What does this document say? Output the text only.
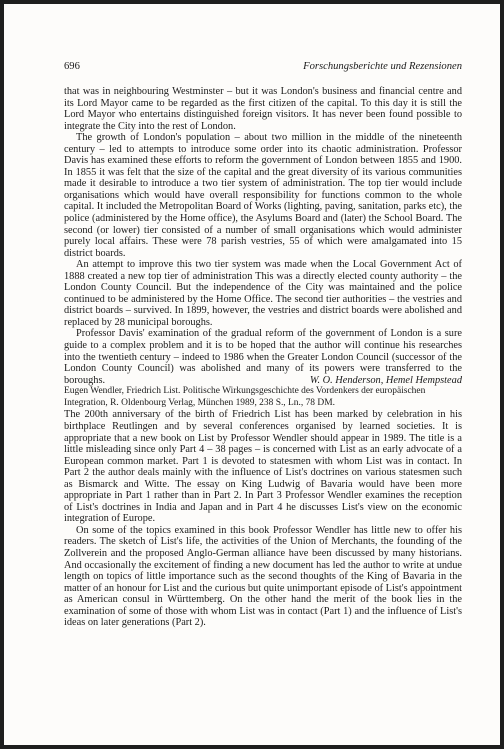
696	Forschungsberichte und Rezensionen

that was in neighbouring Westminster – but it was London's business and financial centre and its Lord Mayor came to be regarded as the first citizen of the capital. To this day it is still the Lord Mayor who entertains distinguished foreign visitors. It has never been found possible to integrate the City into the rest of London.

The growth of London's population – about two million in the middle of the nineteenth century – led to attempts to introduce some order into its chaotic administration. Professor Davis has examined these efforts to reform the government of London between 1855 and 1900. In 1855 it was felt that the size of the capital and the great diversity of its various communities made it desirable to introduce a two tier system of administration. The top tier would include organisations which would have overall responsibility for functions common to the whole capital. It included the Metropolitan Board of Works (lighting, paving, sanitation, parks etc), the police (administered by the Home office), the Asylums Board and (later) the School Board. The second (or lower) tier consisted of a number of small organisations which would administer purely local affairs. These were 78 parish vestries, 55 of which were amalgamated into 15 district boards.

An attempt to improve this two tier system was made when the Local Government Act of 1888 created a new top tier of administration This was a directly elected county authority – the London County Council. But the independence of the City was maintained and the police continued to be administered by the Home Office. The second tier authorities – the vestries and district boards – survived. In 1899, however, the vestries and district boards were abolished and replaced by 28 municipal boroughs.

Professor Davis' examination of the gradual reform of the government of London is a sure guide to a complex problem and it is to be hoped that the author will continue his researches into the twentieth century – indeed to 1986 when the Greater London Council (successor of the London County Council) was abolished and many of its powers were transferred to the boroughs.	W. O. Henderson, Hemel Hempstead

Eugen Wendler, Friedrich List. Politische Wirkungsgeschichte des Vordenkers der europäischen Integration, R. Oldenbourg Verlag, München 1989, 238 S., Ln., 78 DM.

The 200th anniversary of the birth of Friedrich List has been marked by celebration in his birthplace Reutlingen and by several conferences organised by learned societies. It is appropriate that a new book on List by Professor Wendler should appear in 1989. The title is a little misleading since only Part 4 – 38 pages – is concerned with List as an early advocate of a European common market. Part 1 is devoted to statesmen with whom List was in contact. In Part 2 the author deals mainly with the influence of List's doctrines on various statesmen such as Bismarck and Witte. The essay on King Ludwig of Bavaria would have been more appropriate in Part 1 rather than in Part 2. In Part 3 Professor Wendler examines the reception of List's doctrines in India and Japan and in Part 4 he discusses List's view on the economic integration of Europe.

On some of the topics examined in this book Professor Wendler has little new to offer his readers. The sketch of List's life, the activities of the Union of Merchants, the founding of the Zollverein and the proposed Anglo-German alliance have been discussed by many historians. And occasionally the excitement of finding a new document has led the author to write at undue length on topics of little importance such as the second thoughts of the King of Bavaria in the matter of an honour for List and the curious but quite unimportant episode of List's appointment as American consul in Württemberg. On the other hand the merit of the book lies in the examination of some of those with whom List was in contact (Part 1) and the influence of List's ideas on later generations (Part 2).
